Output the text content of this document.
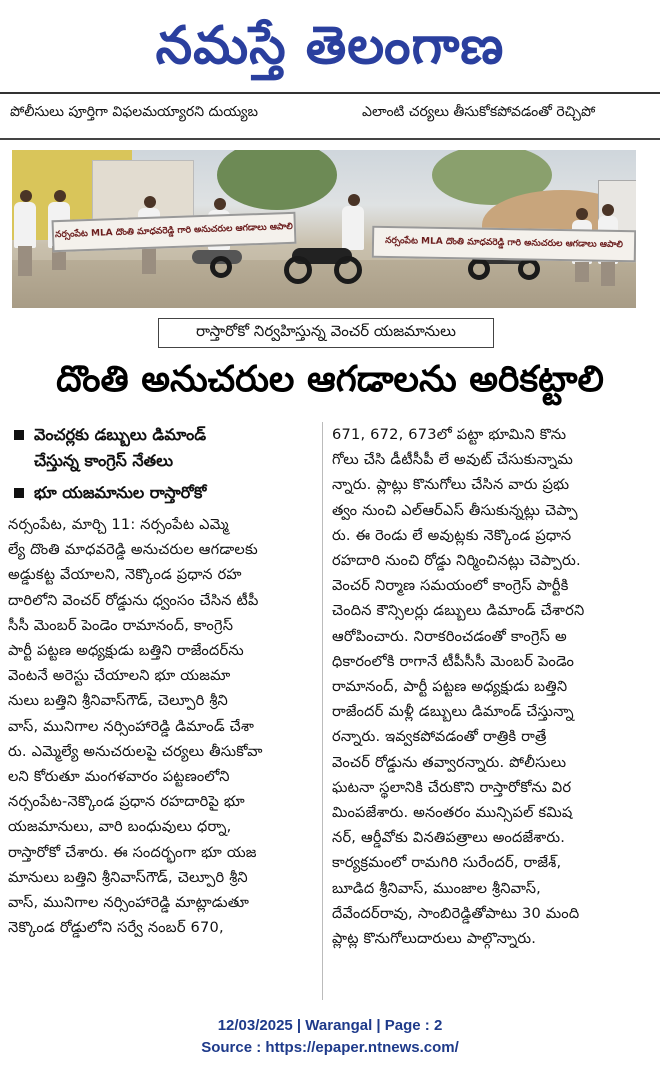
నమస్తే తెలంగాణ
పోలీసులు పూర్తిగా విఫలమయ్యారని దుయ్యబ	ఎలాంటి చర్యలు తీసుకోకపోవడంతో రెచ్చిపో
నర్సంపేట MLA దొంతి మాధవరెడ్డి గారి అనుచరుల ఆగడాలు ఆపాలి
నర్సంపేట MLA దొంతి మాధవరెడ్డి గారి అనుచరుల ఆగడాలు ఆపాలి
రాస్తారోకో నిర్వహిస్తున్న వెంచర్ యజమానులు
దొంతి అనుచరుల ఆగడాలను అరికట్టాలి
వెంచర్లకు డబ్బులు డిమాండ్
చేస్తున్న కాంగ్రెస్ నేతలు
భూ యజమానుల రాస్తారోకో

నర్సంపేట, మార్చి 11: నర్సంపేట ఎమ్మె

ల్యే దొంతి మాధవరెడ్డి అనుచరుల ఆగడాలకు

అడ్డుకట్ట వేయాలని, నెక్కొండ ప్రధాన రహ

దారిలోని వెంచర్ రోడ్డును ధ్వంసం చేసిన టీపీ

సీసీ మెంబర్ పెండెం రామానంద్, కాంగ్రెస్

పార్టీ పట్టణ అధ్యక్షుడు బత్తిని రాజేందర్‌ను

వెంటనే అరెస్టు చేయాలని భూ యజమా

నులు బత్తిని శ్రీనివాస్‌గౌడ్, చెల్పూరి శ్రీని

వాస్, మునిగాల నర్సింహారెడ్డి డిమాండ్ చేశా

రు. ఎమ్మెల్యే అనుచరులపై చర్యలు తీసుకోవా

లని కోరుతూ మంగళవారం పట్టణంలోని

నర్సంపేట-నెక్కొండ ప్రధాన రహదారిపై భూ

యజమానులు, వారి బంధువులు ధర్నా,

రాస్తారోకో చేశారు. ఈ సందర్భంగా భూ యజ

మానులు బత్తిని శ్రీనివాస్‌గౌడ్, చెల్పూరి శ్రీని

వాస్, మునిగాల నర్సింహారెడ్డి మాట్లాడుతూ

నెక్కొండ రోడ్డులోని సర్వే నంబర్ 670,

671, 672, 673లో పట్టా భూమిని కొను

గోలు చేసి డీటీసీపీ లే అవుట్ చేసుకున్నామ

న్నారు. ప్లాట్లు కొనుగోలు చేసిన వారు ప్రభు

త్వం నుంచి ఎల్‌ఆర్‌ఎస్ తీసుకున్నట్లు చెప్పా

రు. ఈ రెండు లే అవుట్లకు నెక్కొండ ప్రధాన

రహదారి నుంచి రోడ్డు నిర్మించినట్లు చెప్పారు.

వెంచర్ నిర్మాణ సమయంలో కాంగ్రెస్ పార్టీకి

చెందిన కౌన్సిలర్లు డబ్బులు డిమాండ్ చేశారని

ఆరోపించారు. నిరాకరించడంతో కాంగ్రెస్ అ

ధికారంలోకి రాగానే టీపీసీసీ మెంబర్ పెండెం

రామానంద్, పార్టీ పట్టణ అధ్యక్షుడు బత్తిని

రాజేందర్ మళ్లీ డబ్బులు డిమాండ్ చేస్తున్నా

రన్నారు. ఇవ్వకపోవడంతో రాత్రికి రాత్రే

వెంచర్ రోడ్డును తవ్వారన్నారు. పోలీసులు

ఘటనా స్థలానికి చేరుకొని రాస్తారోకోను విర

మింపజేశారు. అనంతరం మున్సిపల్ కమిష

నర్, ఆర్డీవోకు వినతిపత్రాలు అందజేశారు.

కార్యక్రమంలో రామగిరి సురేందర్, రాజేశ్,

బూడిద శ్రీనివాస్, ముంజాల శ్రీనివాస్,

దేవేందర్‌రావు, సాంబిరెడ్డితోపాటు 30 మంది

ప్లాట్ల కొనుగోలుదారులు పాల్గొన్నారు.

12/03/2025 | Warangal | Page : 2
Source : https://epaper.ntnews.com/
